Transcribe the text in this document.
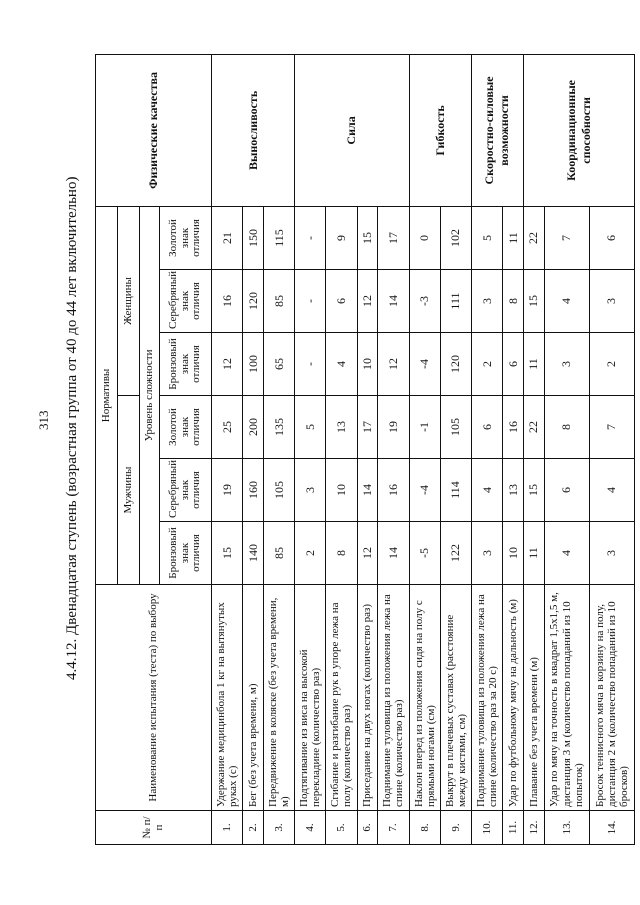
313 4.4.12. Двенадцатая ступень (возрастная группа от 40 до 44 лет включительно)
№ п/п	Наименование испытания (теста) по выбору	Нормативы						Физические качества
		Мужчины			Женщины			
		Уровень сложности						
		Бронзовый знак отличия	Серебряный знак отличия	Золотой знак отличия	Бронзовый знак отличия	Серебряный знак отличия	Золотой знак отличия	
1.	Удержание медицинбола 1 кг на вытянутых руках (с)	15	19	25	12	16	21	Выносливость
2.	Бег (без учета времени, м)	140	160	200	100	120	150	
3.	Передвижение в коляске (без учета времени, м)	85	105	135	65	85	115	
4.	Подтягивание из виса на высокой перекладине (количество раз)	2	3	5	-	-	-	Сила
5.	Сгибание и разгибание рук в упоре лежа на полу (количество раз)	8	10	13	4	6	9	
6.	Приседание на двух ногах (количество раз)	12	14	17	10	12	15	
7.	Поднимание туловища из положения лежа на спине (количество раз)	14	16	19	12	14	17	
8.	Наклон вперед из положения сидя на полу с прямыми ногами (см)	-5	-4	-1	-4	-3	0	Гибкость
9.	Выкрут в плечевых суставах (расстояние между кистями, см)	122	114	105	120	111	102	
10.	Поднимание туловища из положения лежа на спине (количество раз за 20 с)	3	4	6	2	3	5	Скоростно-силовые возможности
11.	Удар по футбольному мячу на дальность (м)	10	13	16	6	8	11	
12.	Плавание без учета времени (м)	11	15	22	11	15	22	Координационные способности
13.	Удар по мячу на точность в квадрат 1,5х1,5 м, дистанция 3 м (количество попаданий из 10 попыток)	4	6	8	3	4	7	
14.	Бросок теннисного мяча в корзину на полу, дистанция 2 м (количество попаданий из 10 бросков)	3	4	7	2	3	6	
